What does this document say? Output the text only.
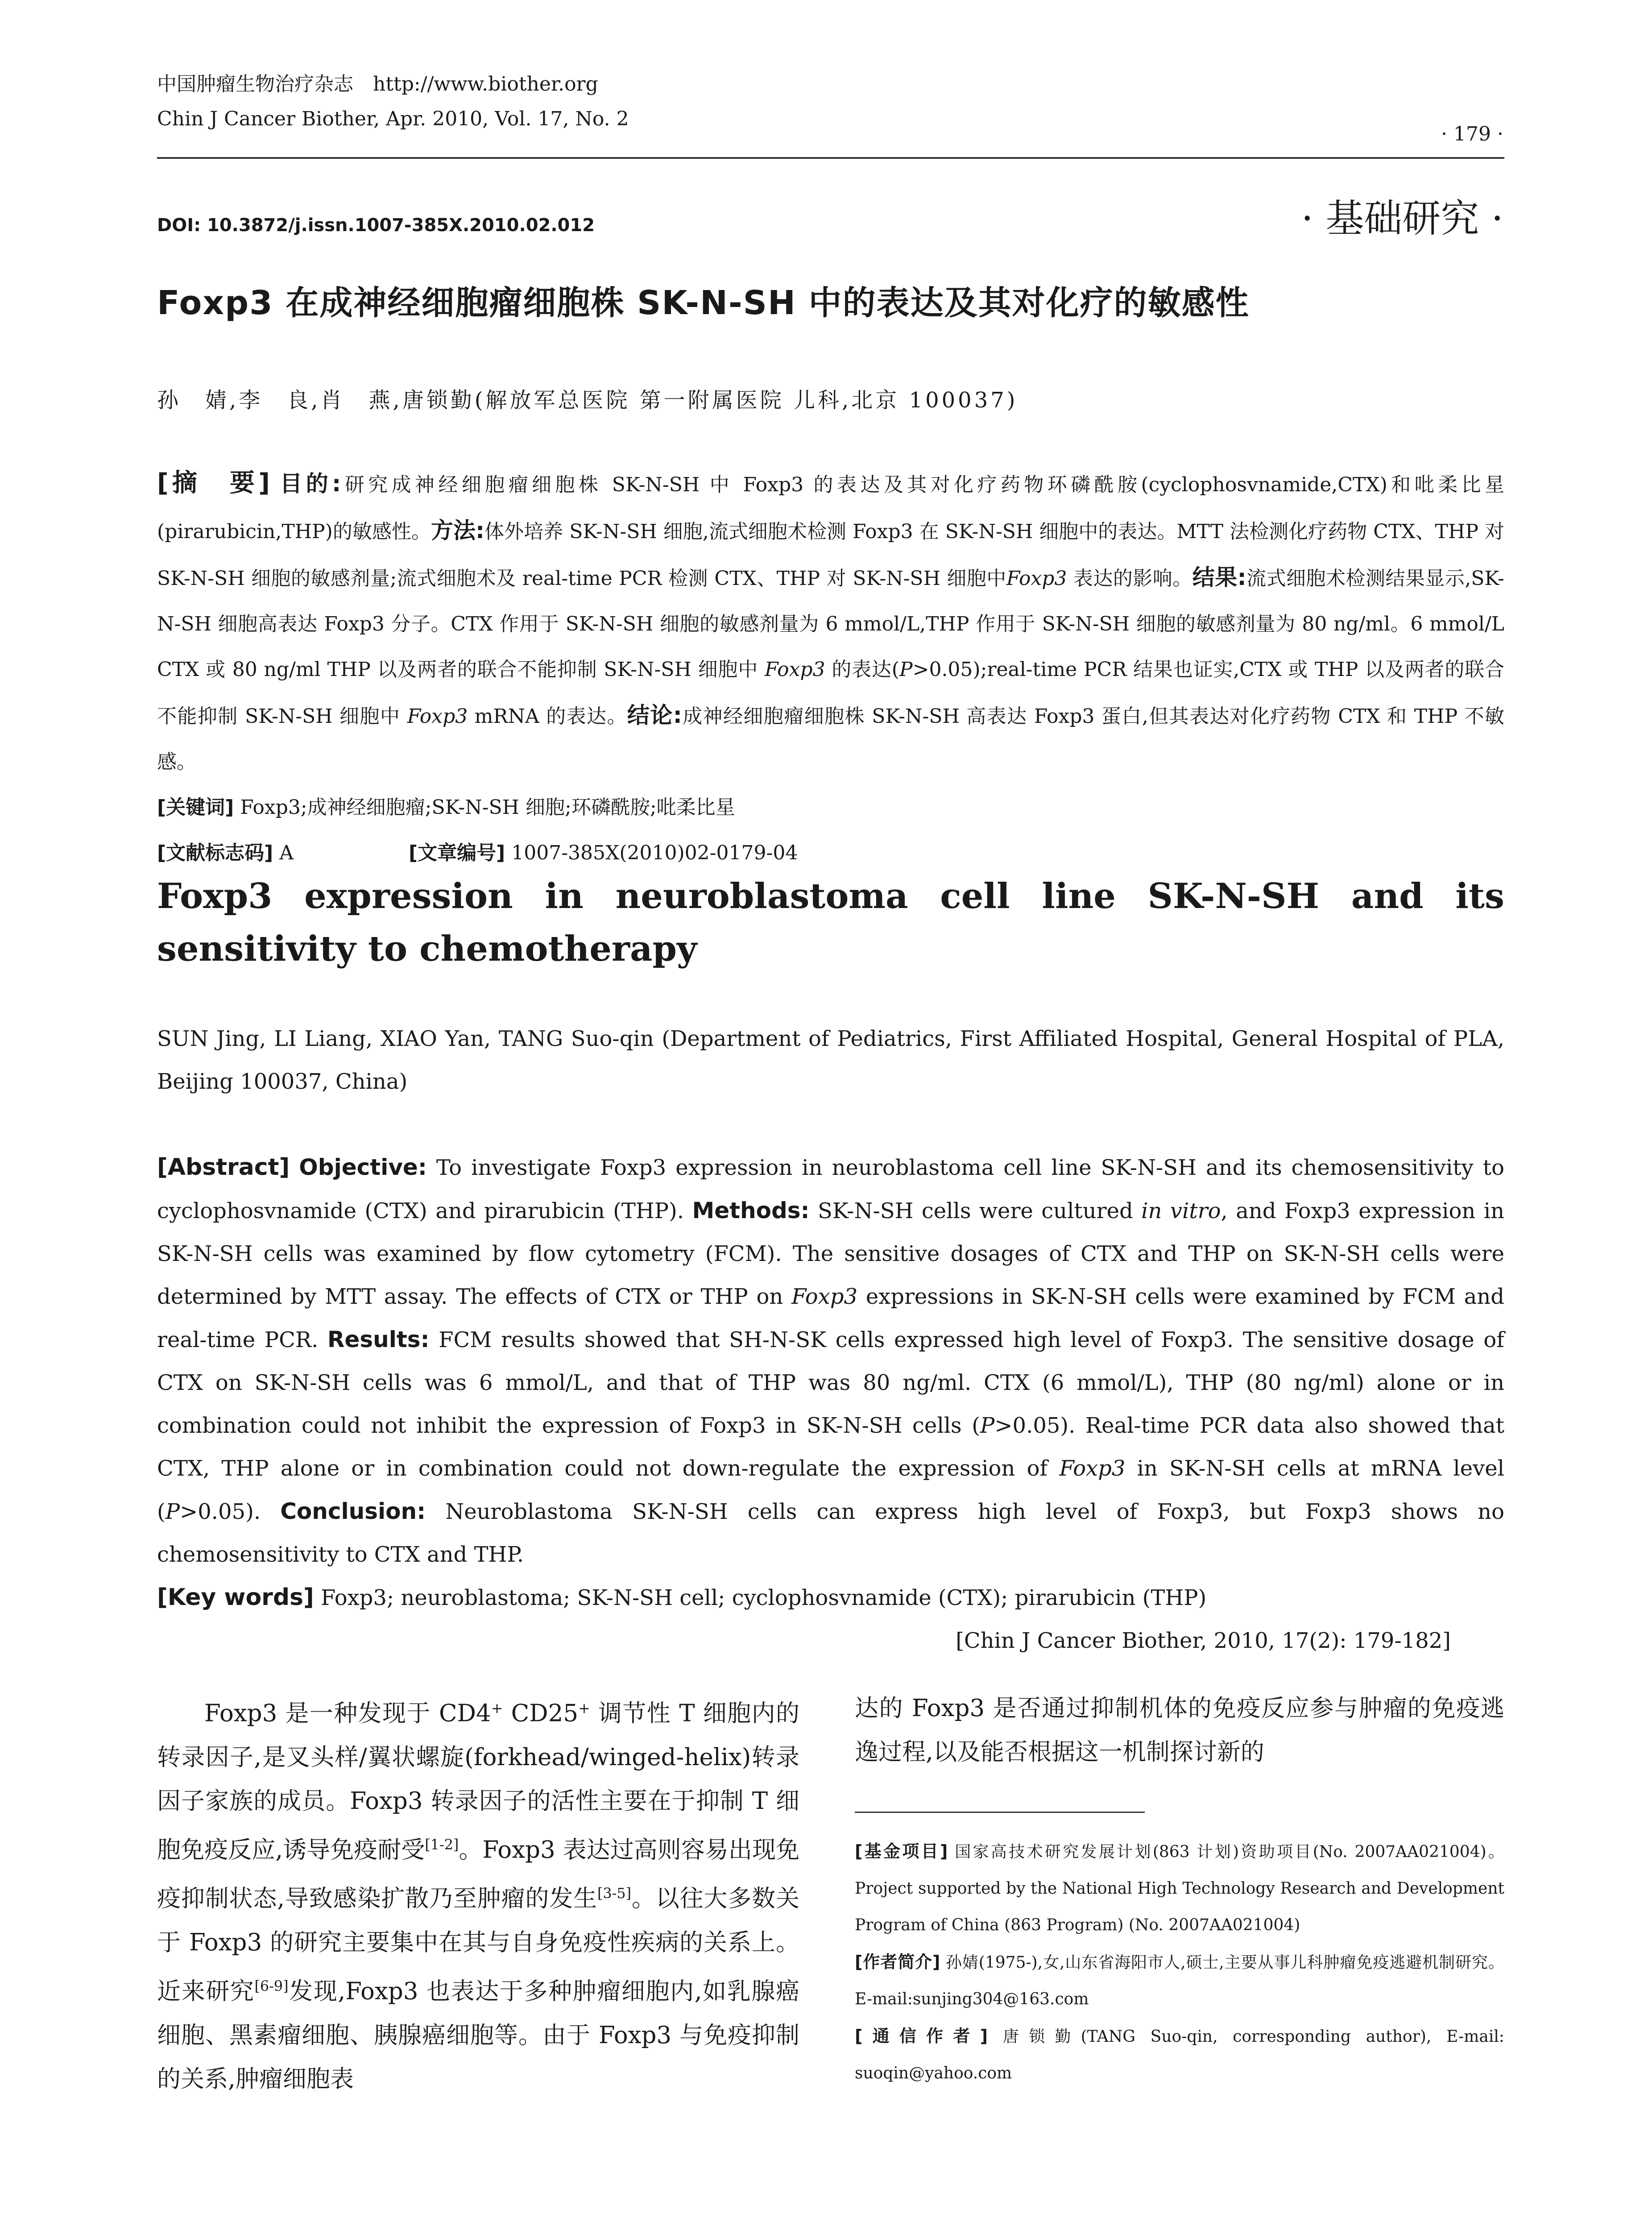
中国肿瘤生物治疗杂志　http://www.biother.org
Chin J Cancer Biother, Apr. 2010, Vol. 17, No. 2
· 179 ·
DOI: 10.3872/j.issn.1007-385X.2010.02.012	· 基础研究 ·
Foxp3 在成神经细胞瘤细胞株 SK-N-SH 中的表达及其对化疗的敏感性
孙　婧,李　良,肖　燕,唐锁勤(解放军总医院 第一附属医院 儿科,北京 100037)
[摘　要] 目的:研究成神经细胞瘤细胞株 SK-N-SH 中 Foxp3 的表达及其对化疗药物环磷酰胺(cyclophosvnamide,CTX)和吡柔比星(pirarubicin,THP)的敏感性。方法:体外培养 SK-N-SH 细胞,流式细胞术检测 Foxp3 在 SK-N-SH 细胞中的表达。MTT 法检测化疗药物 CTX、THP 对 SK-N-SH 细胞的敏感剂量;流式细胞术及 real-time PCR 检测 CTX、THP 对 SK-N-SH 细胞中Foxp3 表达的影响。结果:流式细胞术检测结果显示,SK-N-SH 细胞高表达 Foxp3 分子。CTX 作用于 SK-N-SH 细胞的敏感剂量为 6 mmol/L,THP 作用于 SK-N-SH 细胞的敏感剂量为 80 ng/ml。6 mmol/L CTX 或 80 ng/ml THP 以及两者的联合不能抑制 SK-N-SH 细胞中 Foxp3 的表达(P>0.05);real-time PCR 结果也证实,CTX 或 THP 以及两者的联合不能抑制 SK-N-SH 细胞中 Foxp3 mRNA 的表达。结论:成神经细胞瘤细胞株 SK-N-SH 高表达 Foxp3 蛋白,但其表达对化疗药物 CTX 和 THP 不敏感。
[关键词] Foxp3;成神经细胞瘤;SK-N-SH 细胞;环磷酰胺;吡柔比星
[文献标志码] A	[文章编号] 1007-385X(2010)02-0179-04
Foxp3 expression in neuroblastoma cell line SK-N-SH and its sensitivity to chemotherapy
SUN Jing, LI Liang, XIAO Yan, TANG Suo-qin (Department of Pediatrics, First Affiliated Hospital, General Hospital of PLA, Beijing 100037, China)
[Abstract] Objective: To investigate Foxp3 expression in neuroblastoma cell line SK-N-SH and its chemosensitivity to cyclophosvnamide (CTX) and pirarubicin (THP). Methods: SK-N-SH cells were cultured in vitro, and Foxp3 expression in SK-N-SH cells was examined by flow cytometry (FCM). The sensitive dosages of CTX and THP on SK-N-SH cells were determined by MTT assay. The effects of CTX or THP on Foxp3 expressions in SK-N-SH cells were examined by FCM and real-time PCR. Results: FCM results showed that SH-N-SK cells expressed high level of Foxp3. The sensitive dosage of CTX on SK-N-SH cells was 6 mmol/L, and that of THP was 80 ng/ml. CTX (6 mmol/L), THP (80 ng/ml) alone or in combination could not inhibit the expression of Foxp3 in SK-N-SH cells (P>0.05). Real-time PCR data also showed that CTX, THP alone or in combination could not down-regulate the expression of Foxp3 in SK-N-SH cells at mRNA level (P>0.05). Conclusion: Neuroblastoma SK-N-SH cells can express high level of Foxp3, but Foxp3 shows no chemosensitivity to CTX and THP.
[Key words] Foxp3; neuroblastoma; SK-N-SH cell; cyclophosvnamide (CTX); pirarubicin (THP)
[Chin J Cancer Biother, 2010, 17(2): 179-182]
Foxp3 是一种发现于 CD4+ CD25+ 调节性 T 细胞内的转录因子,是叉头样/翼状螺旋(forkhead/winged-helix)转录因子家族的成员。Foxp3 转录因子的活性主要在于抑制 T 细胞免疫反应,诱导免疫耐受[1-2]。Foxp3 表达过高则容易出现免疫抑制状态,导致感染扩散乃至肿瘤的发生[3-5]。以往大多数关于 Foxp3 的研究主要集中在其与自身免疫性疾病的关系上。近来研究[6-9]发现,Foxp3 也表达于多种肿瘤细胞内,如乳腺癌细胞、黑素瘤细胞、胰腺癌细胞等。由于 Foxp3 与免疫抑制的关系,肿瘤细胞表
达的 Foxp3 是否通过抑制机体的免疫反应参与肿瘤的免疫逃逸过程,以及能否根据这一机制探讨新的
[基金项目] 国家高技术研究发展计划(863 计划)资助项目(No. 2007AA021004)。Project supported by the National High Technology Research and Development Program of China (863 Program) (No. 2007AA021004)
[作者简介] 孙婧(1975-),女,山东省海阳市人,硕士,主要从事儿科肿瘤免疫逃避机制研究。E-mail:sunjing304@163.com
[通信作者] 唐锁勤(TANG Suo-qin, corresponding author), E-mail: suoqin@yahoo.com
